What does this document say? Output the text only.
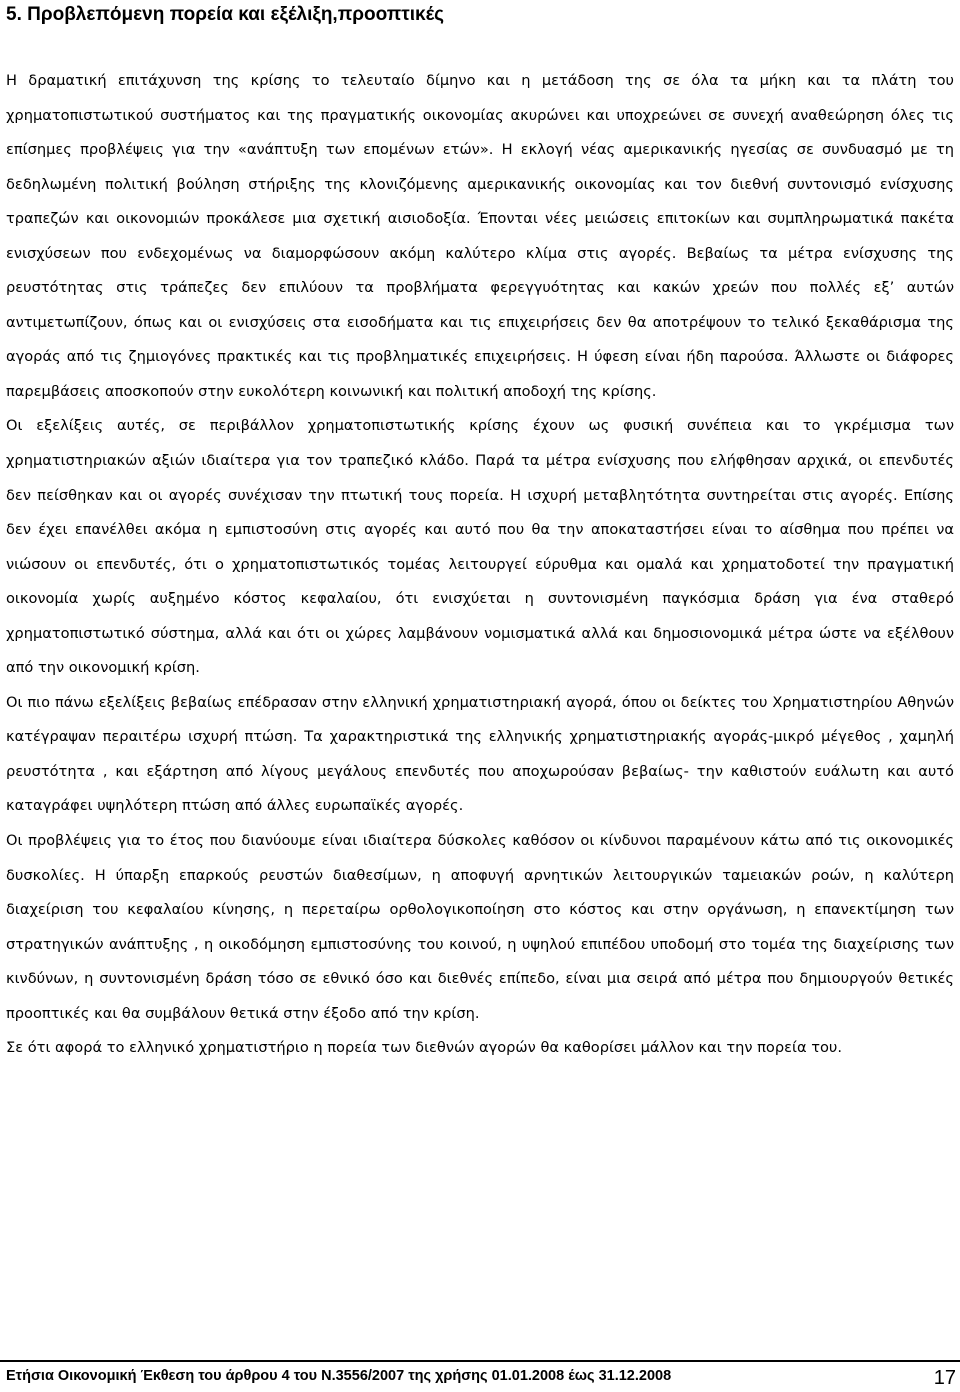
5. Προβλεπόμενη πορεία και εξέλιξη,προοπτικές

Η δραματική επιτάχυνση της κρίσης το τελευταίο δίμηνο και η μετάδοση της σε όλα τα μήκη και τα πλάτη του χρηματοπιστωτικού συστήματος και της πραγματικής οικονομίας ακυρώνει και υποχρεώνει σε συνεχή αναθεώρηση όλες τις επίσημες προβλέψεις για την «ανάπτυξη των επομένων ετών». Η εκλογή νέας αμερικανικής ηγεσίας σε συνδυασμό με τη δεδηλωμένη πολιτική βούληση στήριξης της κλονιζόμενης αμερικανικής οικονομίας και τον διεθνή συντονισμό ενίσχυσης τραπεζών και οικονομιών προκάλεσε μια σχετική αισιοδοξία. Έπονται νέες μειώσεις επιτοκίων και συμπληρωματικά πακέτα ενισχύσεων που ενδεχομένως να διαμορφώσουν ακόμη καλύτερο κλίμα στις αγορές. Βεβαίως τα μέτρα ενίσχυσης της ρευστότητας στις τράπεζες δεν επιλύουν τα προβλήματα φερεγγυότητας και κακών χρεών που πολλές εξ’ αυτών αντιμετωπίζουν, όπως και οι ενισχύσεις στα εισοδήματα και τις επιχειρήσεις δεν θα αποτρέψουν το τελικό ξεκαθάρισμα της αγοράς από τις ζημιογόνες πρακτικές και τις προβληματικές επιχειρήσεις. Η ύφεση είναι ήδη παρούσα. Άλλωστε οι διάφορες παρεμβάσεις αποσκοπούν στην ευκολότερη κοινωνική και πολιτική αποδοχή της κρίσης.

Οι εξελίξεις αυτές, σε περιβάλλον χρηματοπιστωτικής κρίσης έχουν ως φυσική συνέπεια και το γκρέμισμα των χρηματιστηριακών αξιών ιδιαίτερα για τον τραπεζικό κλάδο. Παρά τα μέτρα ενίσχυσης που ελήφθησαν αρχικά, οι επενδυτές δεν πείσθηκαν και οι αγορές συνέχισαν την πτωτική τους πορεία. Η ισχυρή μεταβλητότητα συντηρείται στις αγορές. Επίσης δεν έχει επανέλθει ακόμα η εμπιστοσύνη στις αγορές και αυτό που θα την αποκαταστήσει είναι το αίσθημα που πρέπει να νιώσουν οι επενδυτές, ότι ο χρηματοπιστωτικός τομέας λειτουργεί εύρυθμα και ομαλά και χρηματοδοτεί την πραγματική οικονομία χωρίς αυξημένο κόστος κεφαλαίου, ότι ενισχύεται η συντονισμένη παγκόσμια δράση για ένα σταθερό χρηματοπιστωτικό σύστημα, αλλά και ότι οι χώρες λαμβάνουν νομισματικά αλλά και δημοσιονομικά μέτρα ώστε να εξέλθουν από την οικονομική κρίση.

Οι πιο πάνω εξελίξεις βεβαίως επέδρασαν στην ελληνική χρηματιστηριακή αγορά, όπου οι δείκτες του Χρηματιστηρίου Αθηνών κατέγραψαν περαιτέρω ισχυρή πτώση. Τα χαρακτηριστικά της ελληνικής χρηματιστηριακής αγοράς-μικρό μέγεθος , χαμηλή ρευστότητα , και εξάρτηση από λίγους μεγάλους επενδυτές που αποχωρούσαν βεβαίως- την καθιστούν ευάλωτη και αυτό καταγράφει υψηλότερη πτώση από άλλες ευρωπαϊκές αγορές.

Οι προβλέψεις για το έτος που διανύουμε είναι ιδιαίτερα δύσκολες καθόσον οι κίνδυνοι παραμένουν κάτω από τις οικονομικές δυσκολίες. Η ύπαρξη επαρκούς ρευστών διαθεσίμων, η αποφυγή αρνητικών λειτουργικών ταμειακών ροών, η καλύτερη διαχείριση του κεφαλαίου κίνησης, η περεταίρω ορθολογικοποίηση στο κόστος και στην οργάνωση, η επανεκτίμηση των στρατηγικών ανάπτυξης , η οικοδόμηση εμπιστοσύνης του κοινού, η υψηλού επιπέδου υποδομή στο τομέα της διαχείρισης των κινδύνων, η συντονισμένη δράση τόσο σε εθνικό όσο και διεθνές επίπεδο, είναι μια σειρά από μέτρα που δημιουργούν θετικές προοπτικές και θα συμβάλουν θετικά στην έξοδο από την κρίση.

Σε ότι αφορά το ελληνικό χρηματιστήριο η πορεία των διεθνών αγορών θα καθορίσει μάλλον και την πορεία του.

Ετήσια Οικονομική Έκθεση του άρθρου 4 του Ν.3556/2007 της χρήσης 01.01.2008 έως 31.12.2008	17
